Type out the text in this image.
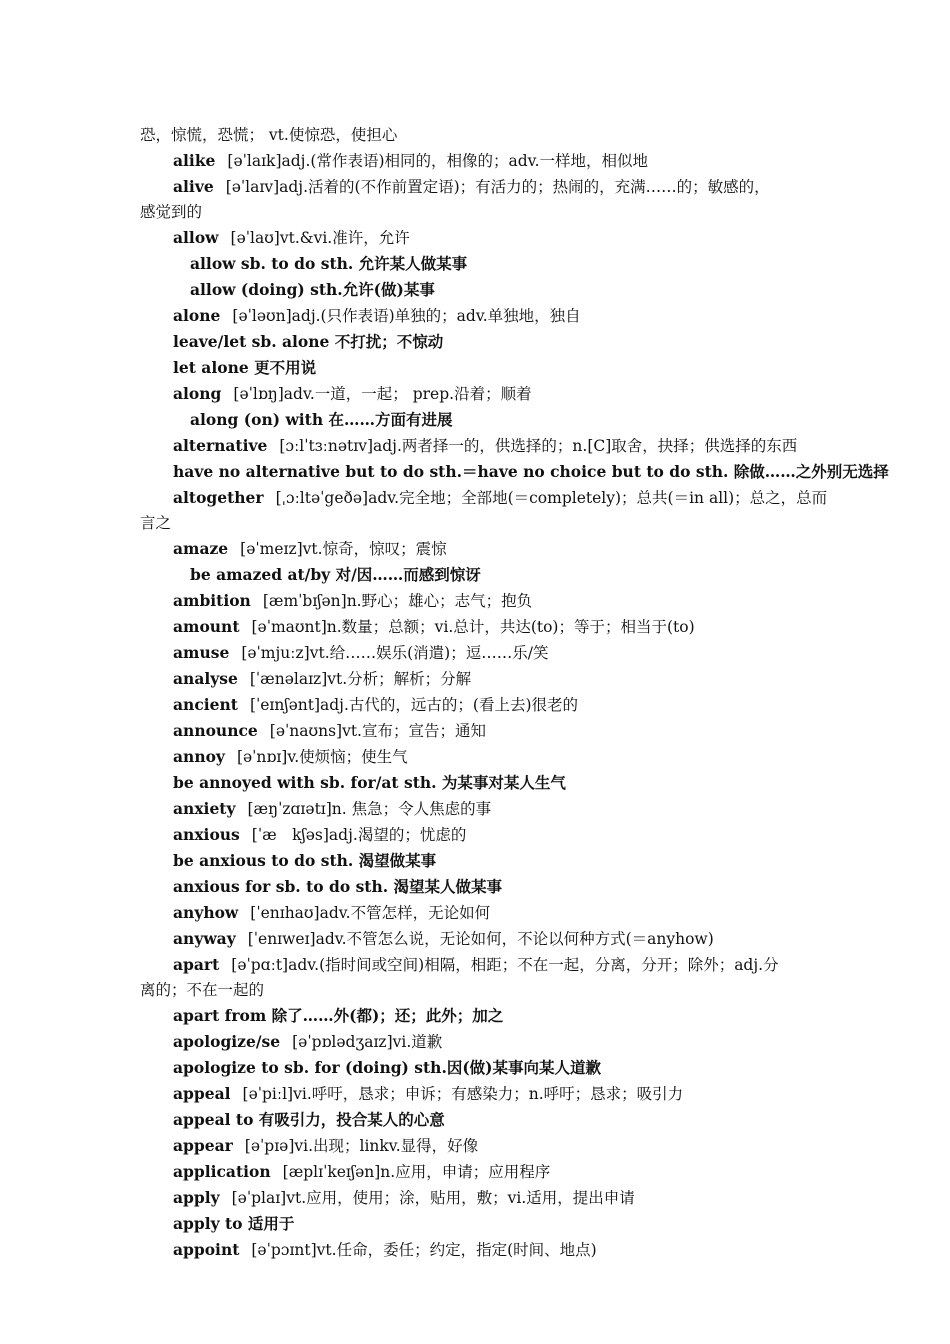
恐，惊慌，恐慌； vt.使惊恐，使担心
alike [əˈlaɪk]adj.(常作表语)相同的，相像的；adv.一样地，相似地
alive [əˈlaɪv]adj.活着的(不作前置定语)；有活力的；热闹的，充满……的；敏感的，
感觉到的
allow [əˈlaʊ]vt.&vi.准许，允许
allow sb. to do sth. 允许某人做某事
allow (doing) sth.允许(做)某事
alone [əˈləʊn]adj.(只作表语)单独的；adv.单独地，独自
leave/let sb. alone 不打扰；不惊动
let alone 更不用说
along [əˈlɒŋ]adv.一道，一起； prep.沿着；顺着
along (on) with 在……方面有进展
alternative [ɔːlˈtɜːnətɪv]adj.两者择一的，供选择的；n.[C]取舍，抉择；供选择的东西
have no alternative but to do sth.＝have no choice but to do sth. 除做……之外别无选择
altogether [ˌɔːltəˈgeðə]adv.完全地；全部地(＝completely)；总共(＝in all)；总之，总而
言之
amaze [əˈmeɪz]vt.惊奇，惊叹；震惊
be amazed at/by 对/因……而感到惊讶
ambition [æmˈbɪʃən]n.野心；雄心；志气；抱负
amount [əˈmaʊnt]n.数量；总额；vi.总计，共达(to)；等于；相当于(to)
amuse [əˈmjuːz]vt.给……娱乐(消遣)；逗……乐/笑
analyse [ˈænəlaɪz]vt.分析；解析；分解
ancient [ˈeɪnʃənt]adj.古代的，远古的；(看上去)很老的
announce [əˈnaʊns]vt.宣布；宣告；通知
annoy [əˈnɒɪ]v.使烦恼；使生气
be annoyed with sb. for/at sth. 为某事对某人生气
anxiety [æŋˈzɑɪətɪ]n. 焦急；令人焦虑的事
anxious [ˈæ　kʃəs]adj.渴望的；忧虑的
be anxious to do sth. 渴望做某事
anxious for sb. to do sth. 渴望某人做某事
anyhow [ˈenɪhaʊ]adv.不管怎样，无论如何
anyway [ˈenɪweɪ]adv.不管怎么说，无论如何，不论以何种方式(＝anyhow)
apart [əˈpɑːt]adv.(指时间或空间)相隔，相距；不在一起，分离，分开；除外；adj.分
离的；不在一起的
apart from 除了……外(都)；还；此外；加之
apologize/se [əˈpɒlədʒaɪz]vi.道歉
apologize to sb. for (doing) sth.因(做)某事向某人道歉
appeal [əˈpiːl]vi.呼吁，恳求；申诉；有感染力；n.呼吁；恳求；吸引力
appeal to 有吸引力，投合某人的心意
appear [əˈpɪə]vi.出现；linkv.显得，好像
application [æplɪˈkeɪʃən]n.应用，申请；应用程序
apply [əˈplaɪ]vt.应用，使用；涂，贴用，敷；vi.适用，提出申请
apply to 适用于
appoint [əˈpɔɪnt]vt.任命，委任；约定，指定(时间、地点)
